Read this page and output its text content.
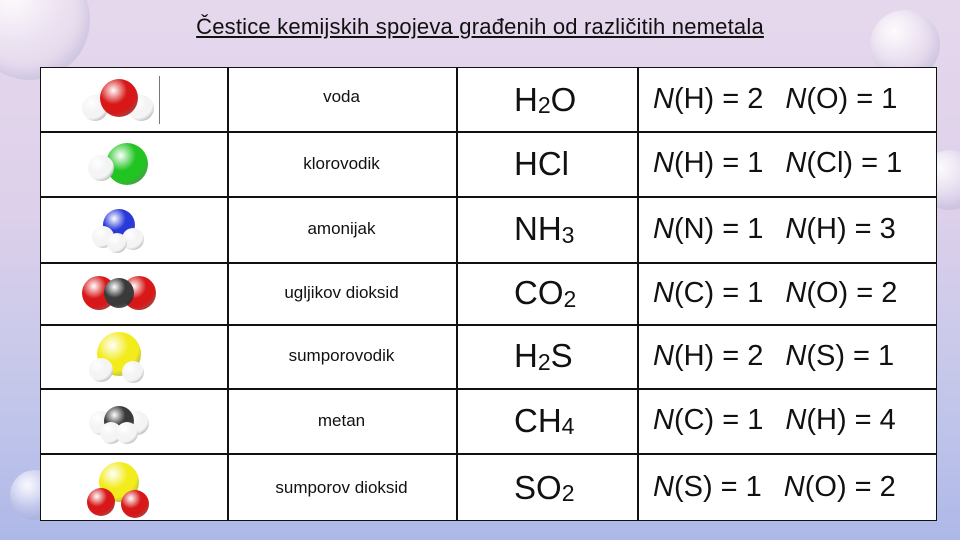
Čestice kemijskih spojeva građenih od različitih nemetala
voda	$H_2$ O	N(H) = 2 N(O) = 1
klorovodik	HCl	N(H) = 1 N(Cl) = 1
amonijak	$NH_3$	N(N) = 1 N(H) = 3
ugljikov dioksid	$CO_2$	N(C) = 1 N(O) = 2
sumporovodik	$H_2$ S	N(H) = 2 N(S) = 1
metan	$CH_4$	N(C) = 1 N(H) = 4
sumporov dioksid	$SO_2$	N(S) = 1 N(O) = 2
